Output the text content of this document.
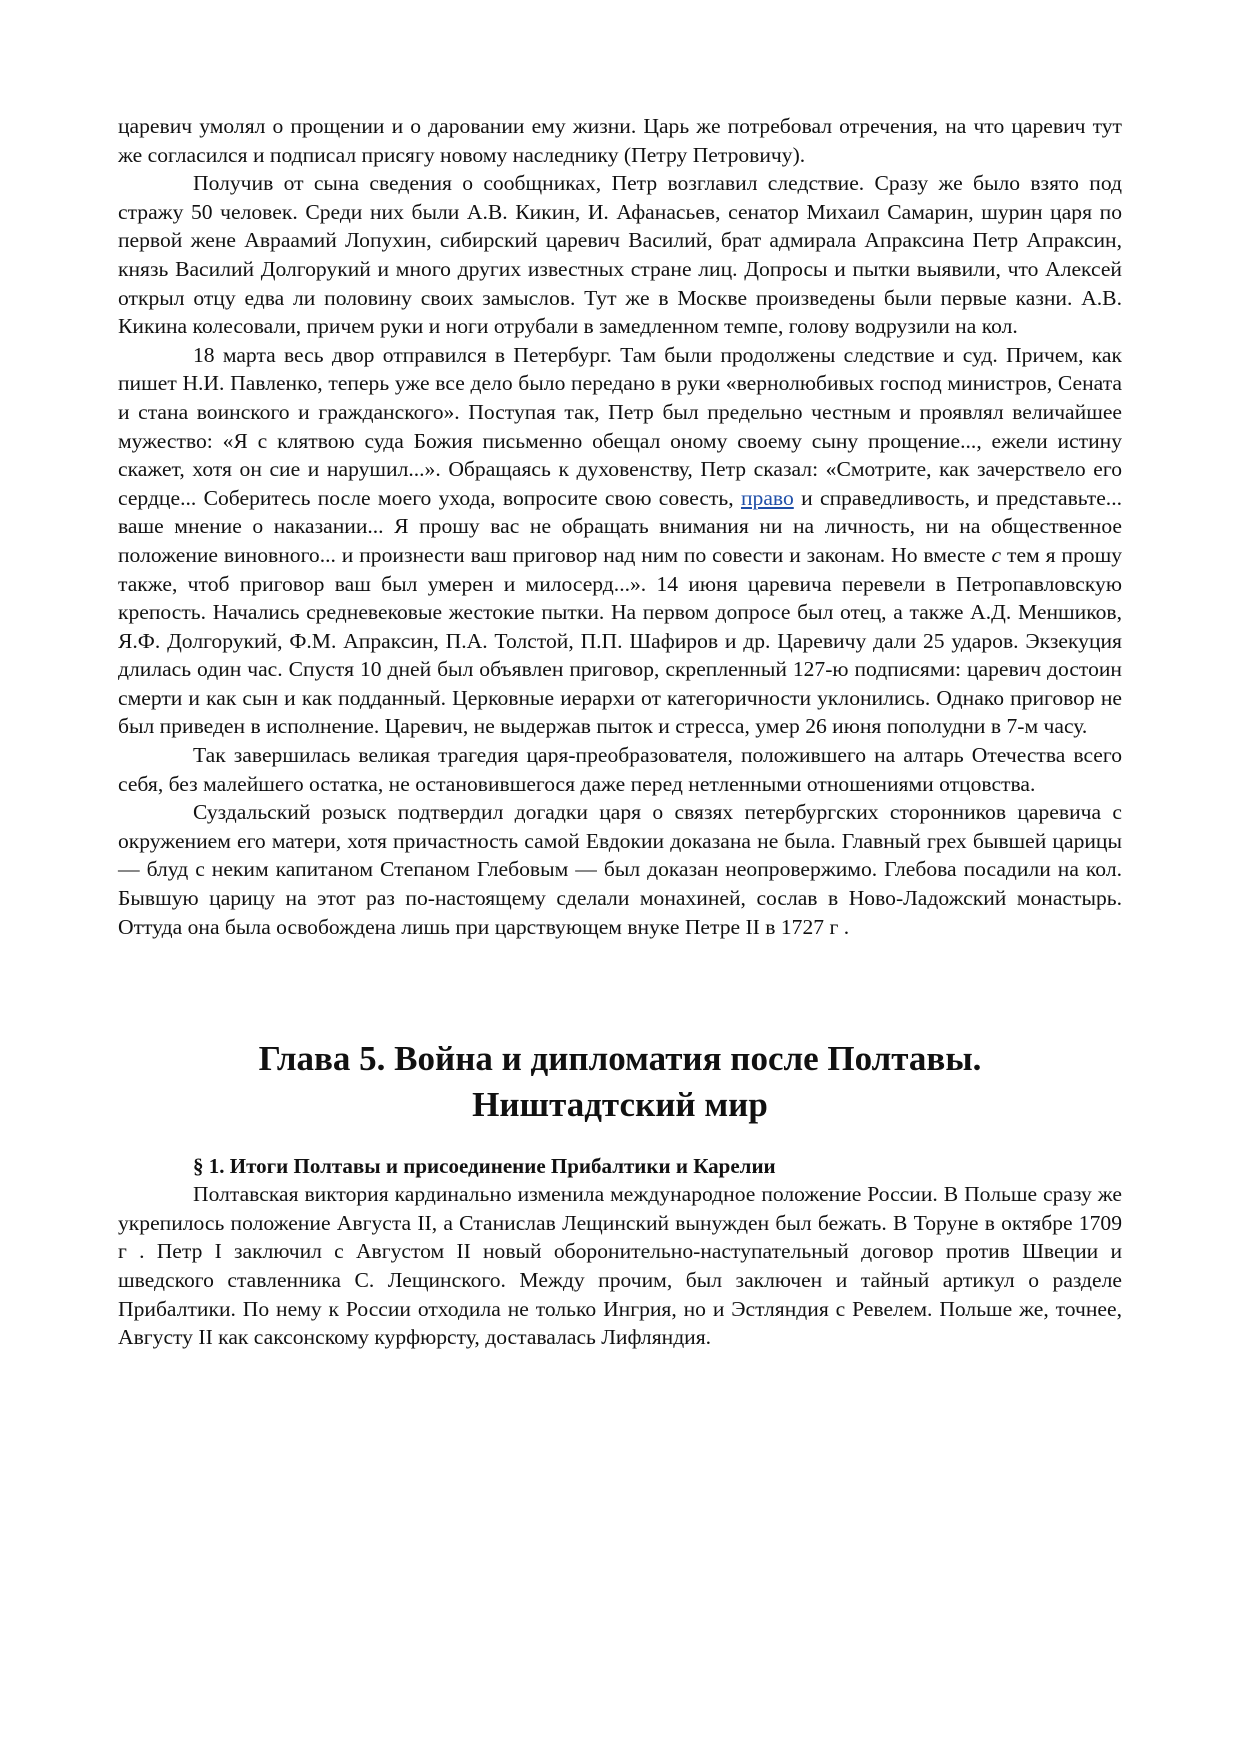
царевич умолял о прощении и о даровании ему жизни. Царь же потребовал отречения, на что царевич тут же согласился и подписал присягу новому наследнику (Петру Петровичу).

Получив от сына сведения о сообщниках, Петр возглавил следствие. Сразу же было взято под стражу 50 человек. Среди них были А.В. Кикин, И. Афанасьев, сенатор Михаил Самарин, шурин царя по первой жене Авраамий Лопухин, сибирский царевич Василий, брат адмирала Апраксина Петр Апраксин, князь Василий Долгорукий и много других известных стране лиц. Допросы и пытки выявили, что Алексей открыл отцу едва ли половину своих замыслов. Тут же в Москве произведены были первые казни. А.В. Кикина колесовали, причем руки и ноги отрубали в замедленном темпе, голову водрузили на кол.

18 марта весь двор отправился в Петербург. Там были продолжены следствие и суд. Причем, как пишет Н.И. Павленко, теперь уже все дело было передано в руки «вернолюбивых господ министров, Сената и стана воинского и гражданского». Поступая так, Петр был предельно честным и проявлял величайшее мужество: «Я с клятвою суда Божия письменно обещал оному своему сыну прощение..., ежели истину скажет, хотя он сие и нарушил...». Обращаясь к духовенству, Петр сказал: «Смотрите, как зачерствело его сердце... Соберитесь после моего ухода, вопросите свою совесть, право и справедливость, и представьте... ваше мнение о наказании... Я прошу вас не обращать внимания ни на личность, ни на общественное положение виновного... и произнести ваш приговор над ним по совести и законам. Но вместе с тем я прошу также, чтоб приговор ваш был умерен и милосерд...». 14 июня царевича перевели в Петропавловскую крепость. Начались средневековые жестокие пытки. На первом допросе был отец, а также А.Д. Меншиков, Я.Ф. Долгорукий, Ф.М. Апраксин, П.А. Толстой, П.П. Шафиров и др. Царевичу дали 25 ударов. Экзекуция длилась один час. Спустя 10 дней был объявлен приговор, скрепленный 127-ю подписями: царевич достоин смерти и как сын и как подданный. Церковные иерархи от категоричности уклонились. Однако приговор не был приведен в исполнение. Царевич, не выдержав пыток и стресса, умер 26 июня пополудни в 7-м часу.

Так завершилась великая трагедия царя-преобразователя, положившего на алтарь Отечества всего себя, без малейшего остатка, не остановившегося даже перед нетленными отношениями отцовства.

Суздальский розыск подтвердил догадки царя о связях петербургских сторонников царевича с окружением его матери, хотя причастность самой Евдокии доказана не была. Главный грех бывшей царицы — блуд с неким капитаном Степаном Глебовым — был доказан неопровержимо. Глебова посадили на кол. Бывшую царицу на этот раз по-настоящему сделали монахиней, сослав в Ново-Ладожский монастырь. Оттуда она была освобождена лишь при царствующем внуке Петре II в 1727 г .

Глава 5. Война и дипломатия после Полтавы.
Ништадтский мир

§ 1. Итоги Полтавы и присоединение Прибалтики и Карелии

Полтавская виктория кардинально изменила международное положение России. В Польше сразу же укрепилось положение Августа II, а Станислав Лещинский вынужден был бежать. В Торуне в октябре 1709 г . Петр I заключил с Августом II новый оборонительно-наступательный договор против Швеции и шведского ставленника С. Лещинского. Между прочим, был заключен и тайный артикул о разделе Прибалтики. По нему к России отходила не только Ингрия, но и Эстляндия с Ревелем. Польше же, точнее, Августу II как саксонскому курфюрсту, доставалась Лифляндия.
